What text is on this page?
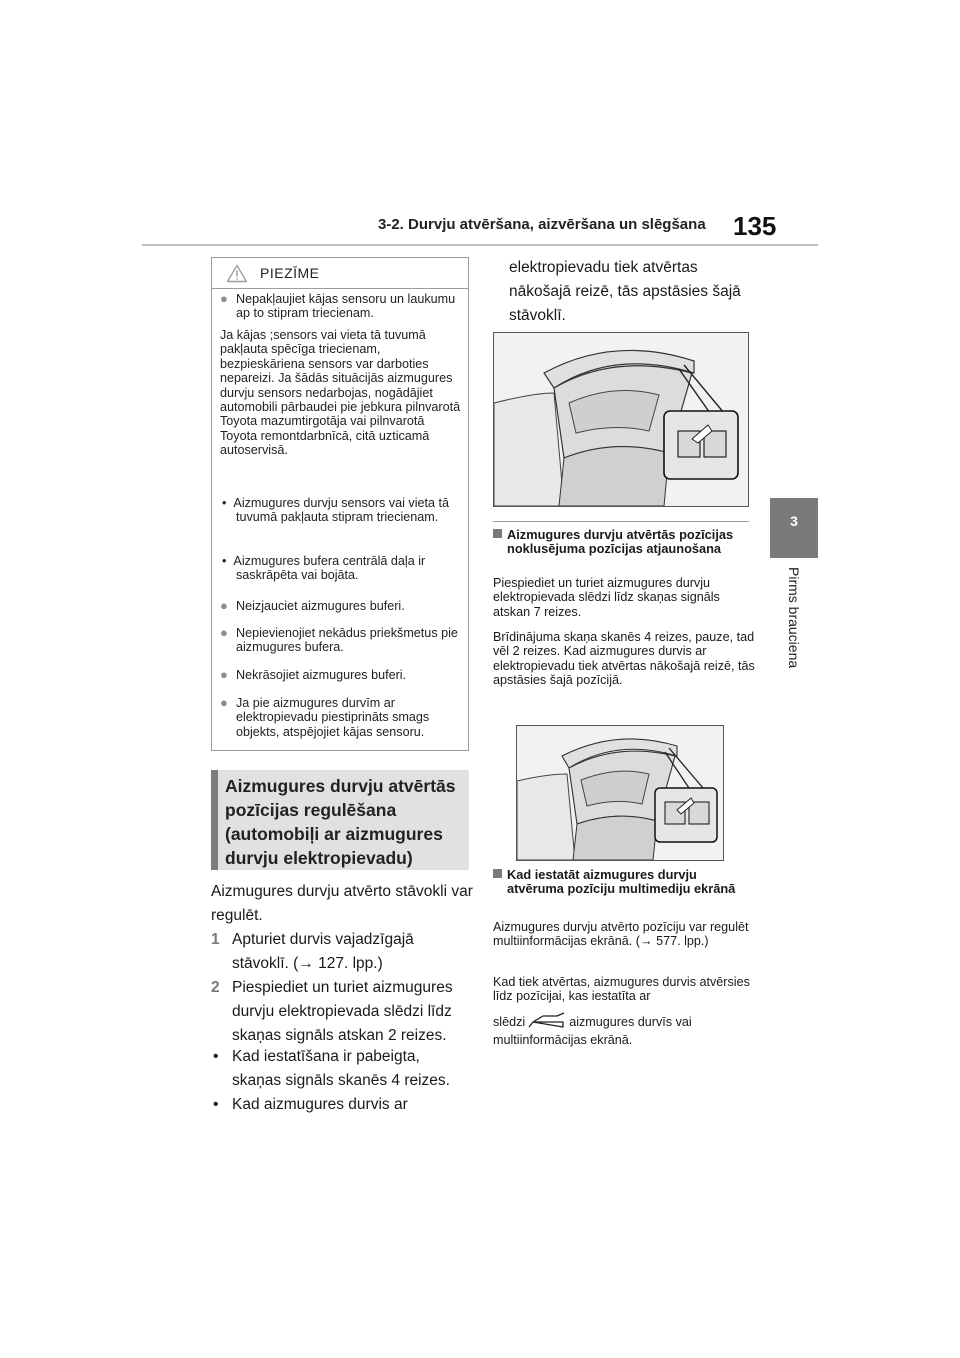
3-2. Durvju atvēršana, aizvēršana un slēgšana 135
3
Pirms brauciena
PIEZĪME
● Nepakļaujiet kājas sensoru un laukumu ap to stipram triecienam.
Ja kājas ;sensors vai vieta tā tuvumā pakļauta spēcīga triecienam, bezpieskāriena sensors var darboties nepareizi. Ja šādās situācijās aizmugures durvju sensors nedarbojas, nogādājiet automobili pārbaudei pie jebkura pilnvarotā Toyota mazumtirgotāja vai pilnvarotā Toyota remontdarbnīcā, citā uzticamā autoservisā.
•  Aizmugures durvju sensors vai vieta tā tuvumā pakļauta stipram triecienam.
•  Aizmugures bufera centrālā daļa ir saskrāpēta vai bojāta.
● Neizjauciet aizmugures buferi.
● Nepievienojiet nekādus priekšmetus pie aizmugures bufera.
● Nekrāsojiet aizmugures buferi.
● Ja pie aizmugures durvīm ar elektropievadu piestiprināts smags objekts, atspējojiet kājas sensoru.
Aizmugures durvju atvērtās pozīcijas regulēšana (automobiļi ar aizmugures durvju elektropievadu)
Aizmugures durvju atvērto stāvokli var regulēt.
1 Apturiet durvis vajadzīgajā stāvoklī. (→ 127. lpp.)
2 Piespiediet un turiet aizmugures durvju elektropievada slēdzi līdz skaņas signāls atskan 2 reizes.
• Kad iestatīšana ir pabeigta, skaņas signāls skanēs 4 reizes.
• Kad aizmugures durvis ar
elektropievadu tiek atvērtas nākošajā reizē, tās apstāsies šajā stāvoklī.
Aizmugures durvju atvērtās pozīcijas noklusējuma pozīcijas atjaunošana
Piespiediet un turiet aizmugures durvju elektropievada slēdzi līdz skaņas signāls atskan 7 reizes.
Brīdinājuma skaņa skanēs 4 reizes, pauze, tad vēl 2 reizes. Kad aizmugures durvis ar elektropievadu tiek atvērtas nākošajā reizē, tās apstāsies šajā pozīcijā.
Kad iestatāt aizmugures durvju atvēruma pozīciju multimediju ekrānā
Aizmugures durvju atvērto pozīciju var regulēt multiinformācijas ekrānā. (→ 577. lpp.)
Kad tiek atvērtas, aizmugures durvis atvērsies līdz pozīcijai, kas iestatīta ar
slēdzi	aizmugures durvīs vai
multiinformācijas ekrānā.
